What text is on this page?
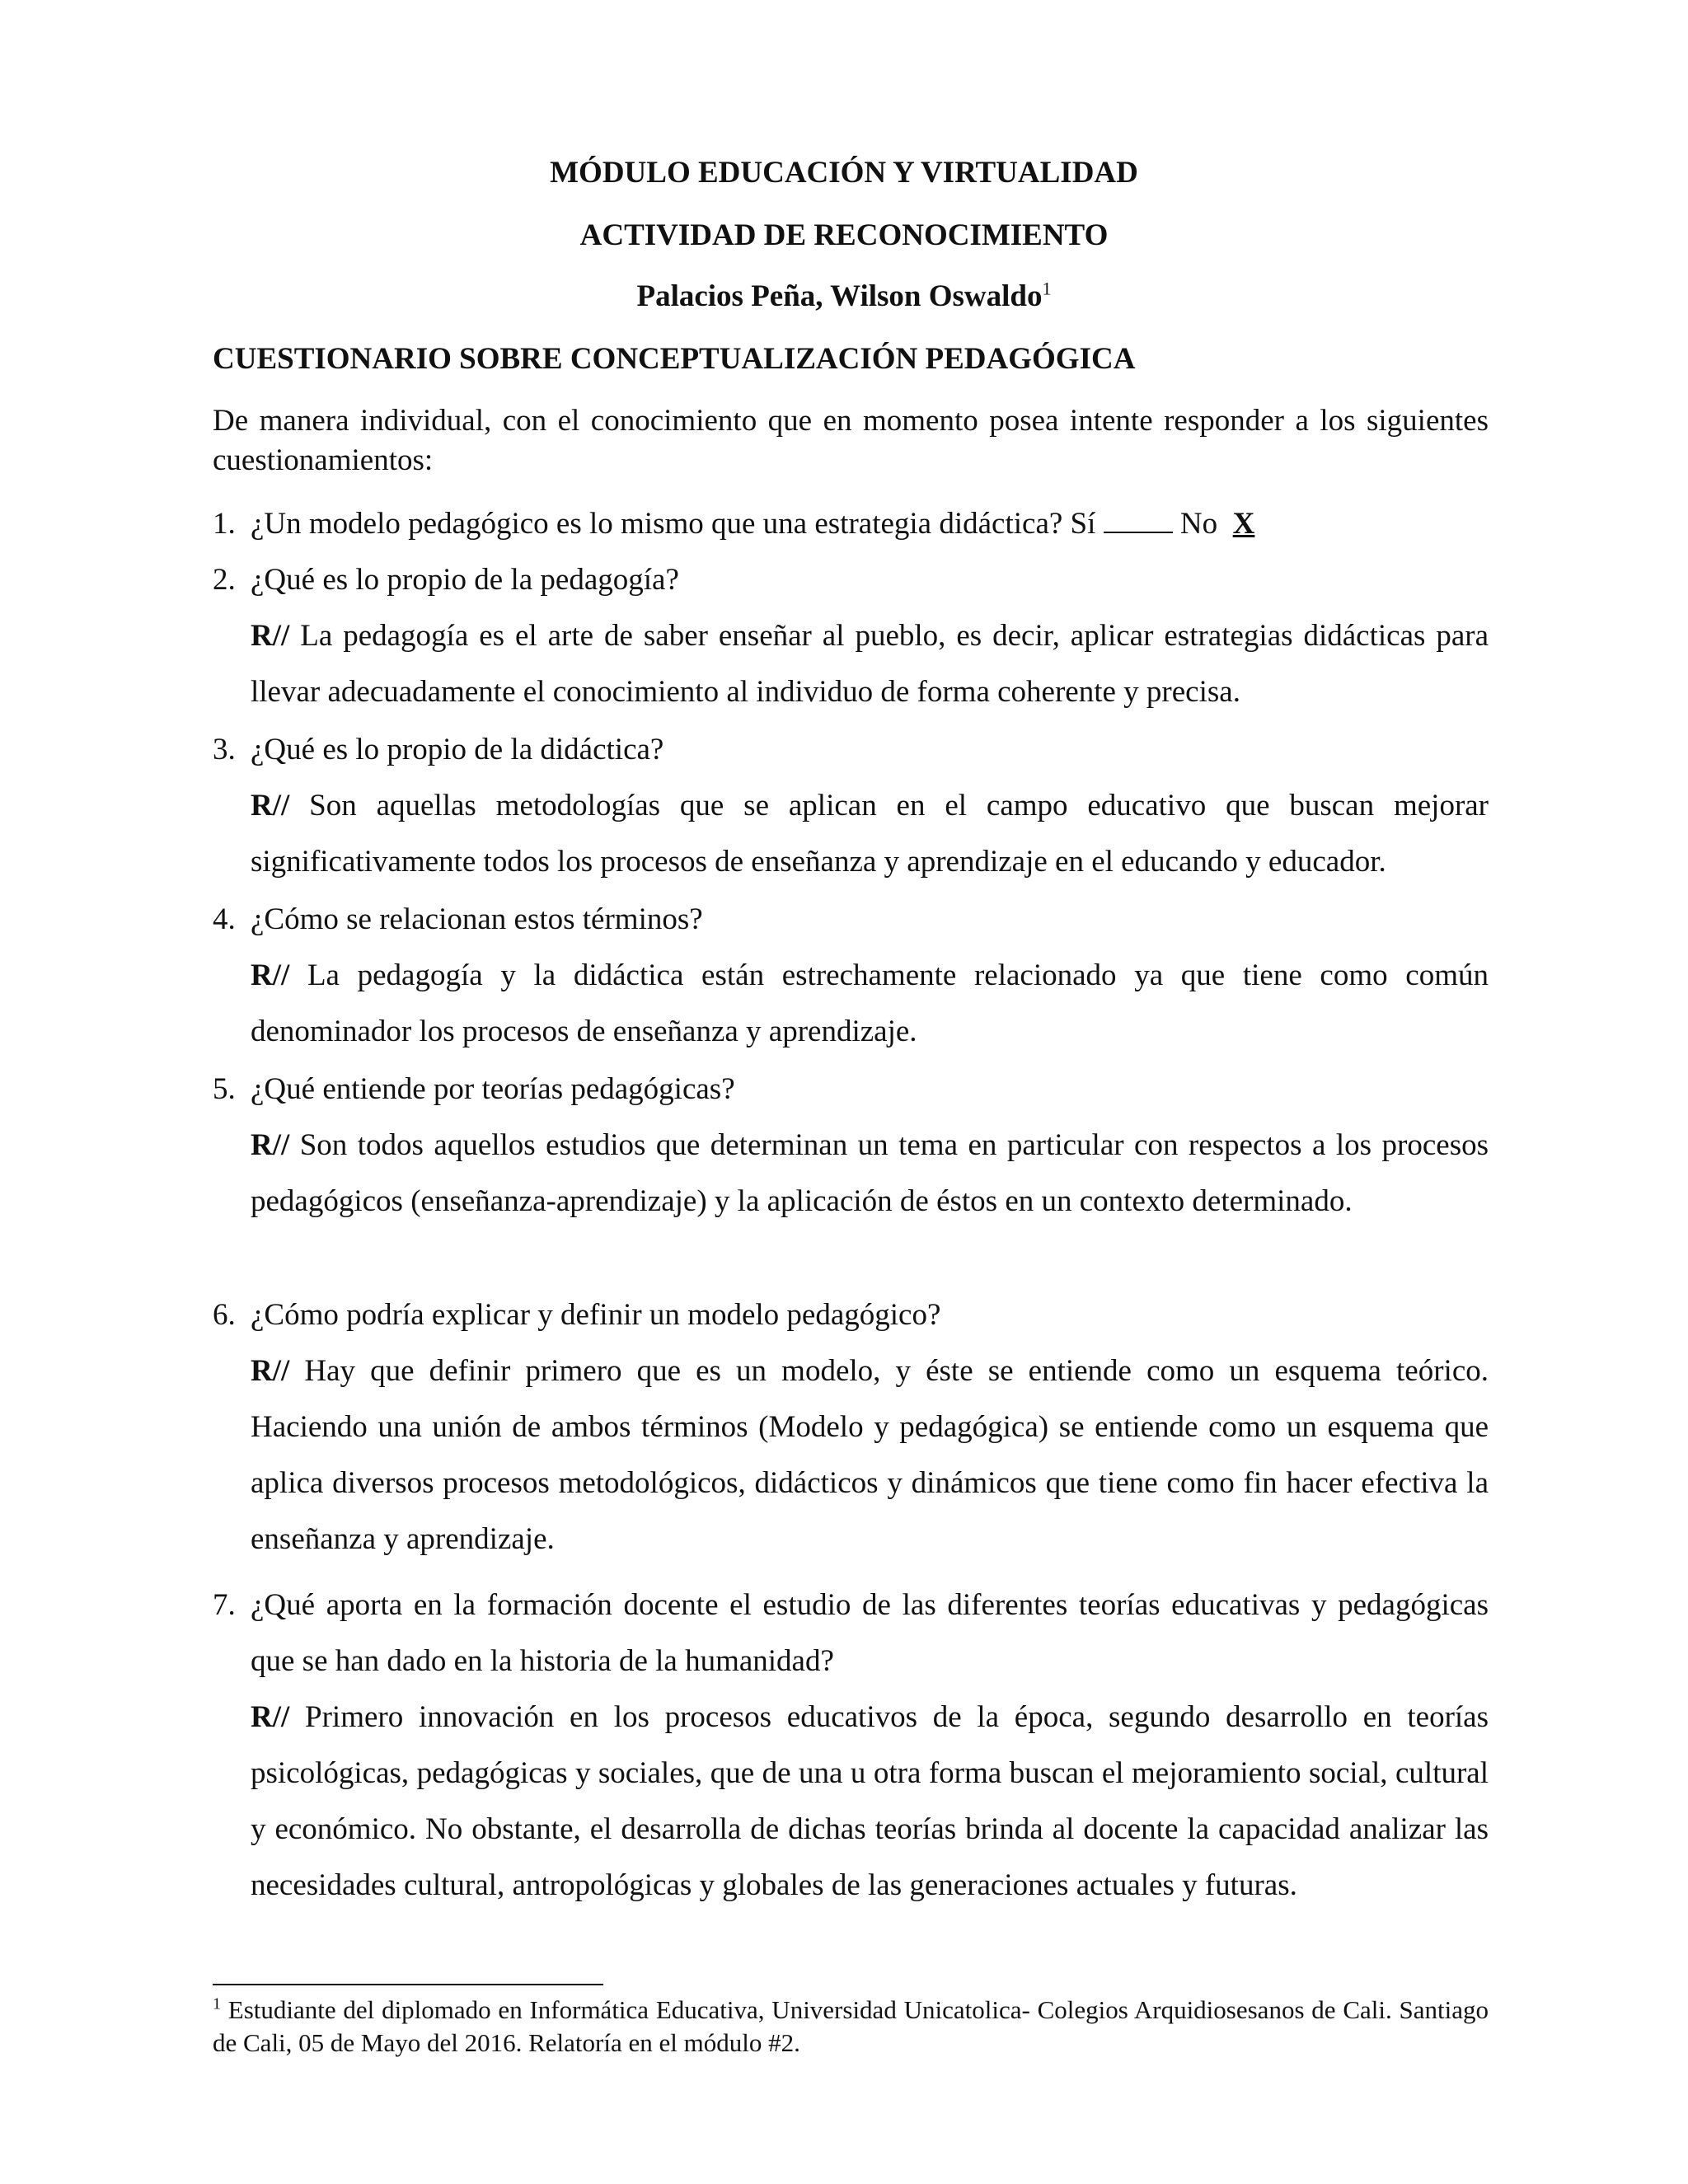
MÓDULO EDUCACIÓN Y VIRTUALIDAD
ACTIVIDAD DE RECONOCIMIENTO
Palacios Peña, Wilson Oswaldo$^1$
CUESTIONARIO SOBRE CONCEPTUALIZACIÓN PEDAGÓGICA
De manera individual, con el conocimiento que en momento posea intente responder a los siguientes cuestionamientos:
1. ¿Un modelo pedagógico es lo mismo que una estrategia didáctica? Sí	No X
2. ¿Qué es lo propio de la pedagogía?
R// La pedagogía es el arte de saber enseñar al pueblo, es decir, aplicar estrategias didácticas para llevar adecuadamente el conocimiento al individuo de forma coherente y precisa.
3. ¿Qué es lo propio de la didáctica?
R// Son aquellas metodologías que se aplican en el campo educativo que buscan mejorar significativamente todos los procesos de enseñanza y aprendizaje en el educando y educador.
4. ¿Cómo se relacionan estos términos?
R// La pedagogía y la didáctica están estrechamente relacionado ya que tiene como común denominador los procesos de enseñanza y aprendizaje.
5. ¿Qué entiende por teorías pedagógicas?
R// Son todos aquellos estudios que determinan un tema en particular con respectos a los procesos pedagógicos (enseñanza-aprendizaje) y la aplicación de éstos en un contexto determinado.
6. ¿Cómo podría explicar y definir un modelo pedagógico?
R// Hay que definir primero que es un modelo, y éste se entiende como un esquema teórico. Haciendo una unión de ambos términos (Modelo y pedagógica) se entiende como un esquema que aplica diversos procesos metodológicos, didácticos y dinámicos que tiene como fin hacer efectiva la enseñanza y aprendizaje.
7. ¿Qué aporta en la formación docente el estudio de las diferentes teorías educativas y pedagógicas que se han dado en la historia de la humanidad?
R// Primero innovación en los procesos educativos de la época, segundo desarrollo en teorías psicológicas, pedagógicas y sociales, que de una u otra forma buscan el mejoramiento social, cultural y económico. No obstante, el desarrolla de dichas teorías brinda al docente la capacidad analizar las necesidades cultural, antropológicas y globales de las generaciones actuales y futuras.
$^1$ Estudiante del diplomado en Informática Educativa, Universidad Unicatolica- Colegios Arquidiosesanos de Cali. Santiago de Cali, 05 de Mayo del 2016. Relatoría en el módulo #2.
